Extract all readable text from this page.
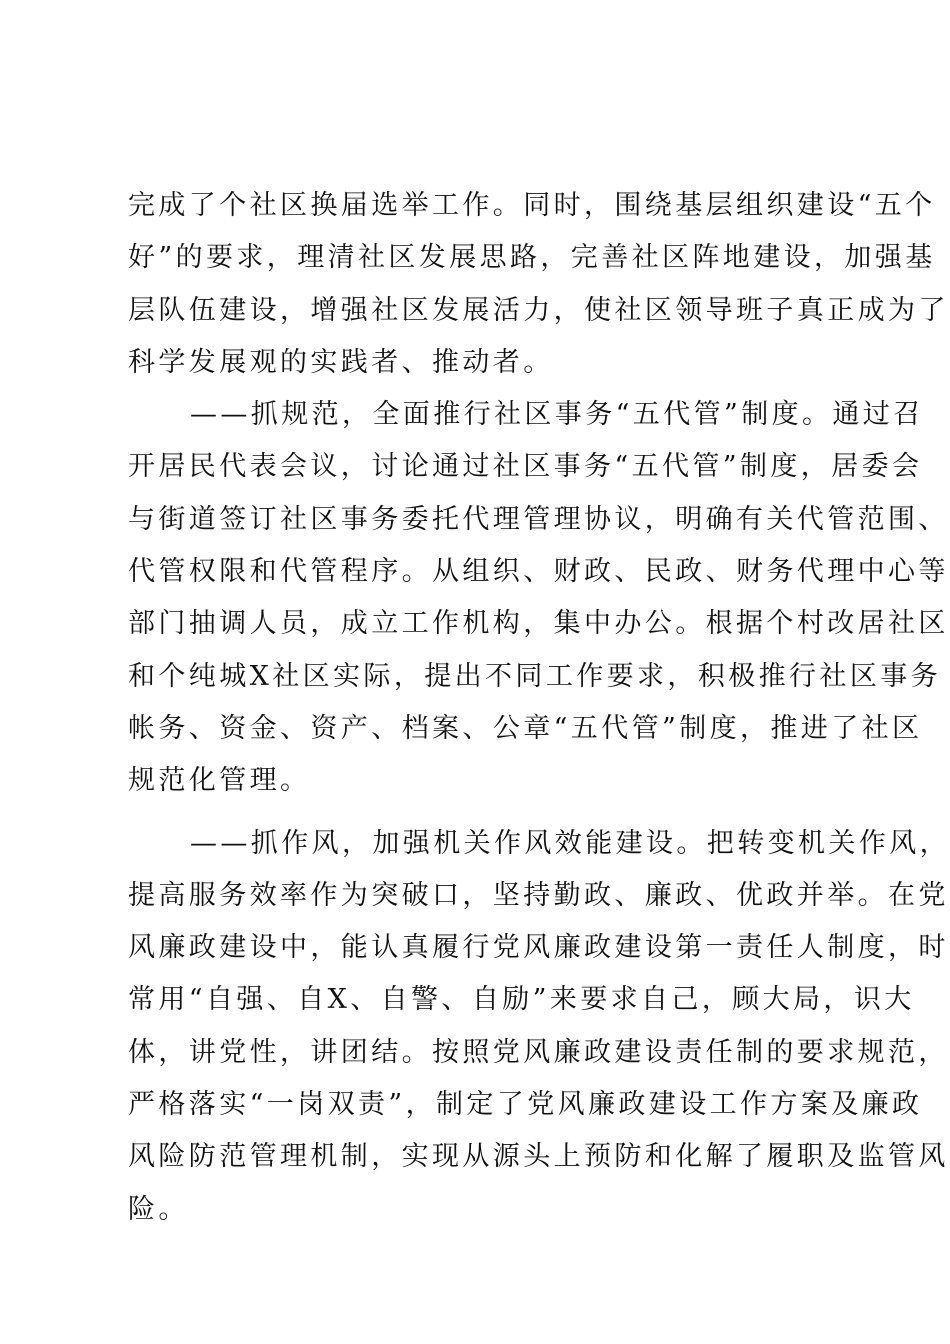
完成了个社区换届选举工作。同时，围绕基层组织建设“五个
好”的要求，理清社区发展思路，完善社区阵地建设，加强基
层队伍建设，增强社区发展活力，使社区领导班子真正成为了
科学发展观的实践者、推动者。
——抓规范，全面推行社区事务“五代管”制度。通过召
开居民代表会议，讨论通过社区事务“五代管”制度，居委会
与街道签订社区事务委托代理管理协议，明确有关代管范围、
代管权限和代管程序。从组织、财政、民政、财务代理中心等
部门抽调人员，成立工作机构，集中办公。根据个村改居社区
和个纯城X社区实际，提出不同工作要求，积极推行社区事务
帐务、资金、资产、档案、公章“五代管”制度，推进了社区
规范化管理。
——抓作风，加强机关作风效能建设。把转变机关作风，
提高服务效率作为突破口，坚持勤政、廉政、优政并举。在党
风廉政建设中，能认真履行党风廉政建设第一责任人制度，时
常用“自强、自X、自警、自励”来要求自己，顾大局，识大
体，讲党性，讲团结。按照党风廉政建设责任制的要求规范，
严格落实“一岗双责”，制定了党风廉政建设工作方案及廉政
风险防范管理机制，实现从源头上预防和化解了履职及监管风
险。
